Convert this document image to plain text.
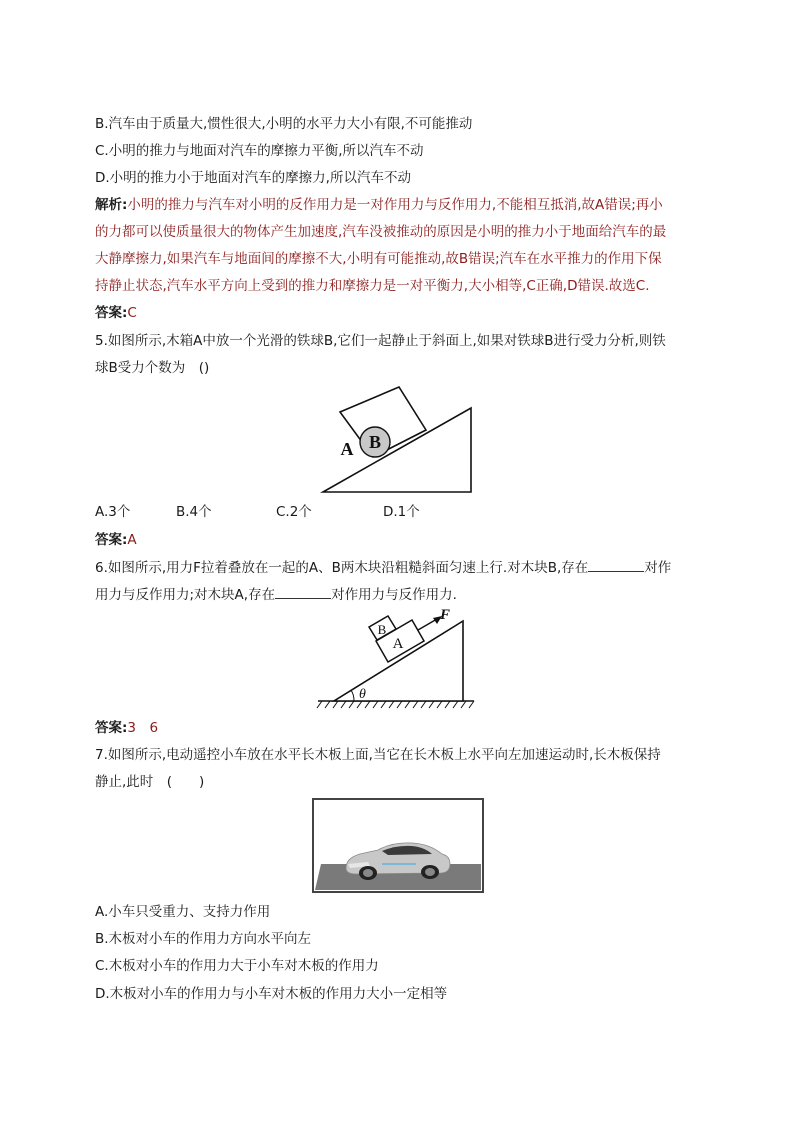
B.汽车由于质量大,惯性很大,小明的水平力大小有限,不可能推动
C.小明的推力与地面对汽车的摩擦力平衡,所以汽车不动
D.小明的推力小于地面对汽车的摩擦力,所以汽车不动
解析:小明的推力与汽车对小明的反作用力是一对作用力与反作用力,不能相互抵消,故A错误;再小
的力都可以使质量很大的物体产生加速度,汽车没被推动的原因是小明的推力小于地面给汽车的最
大静摩擦力,如果汽车与地面间的摩擦不大,小明有可能推动,故B错误;汽车在水平推力的作用下保
持静止状态,汽车水平方向上受到的推力和摩擦力是一对平衡力,大小相等,C正确,D错误.故选C.
答案:C
5.如图所示,木箱A中放一个光滑的铁球B,它们一起静止于斜面上,如果对铁球B进行受力分析,则铁
球B受力个数为　()
B
A
A.3个	B.4个	C.2个	D.1个
答案:A
6.如图所示,用力F拉着叠放在一起的A、B两木块沿粗糙斜面匀速上行.对木块B,存在	对作
用力与反作用力;对木块A,存在	对作用力与反作用力.
θ
A
B
F
答案:3　6
7.如图所示,电动遥控小车放在水平长木板上面,当它在长木板上水平向左加速运动时,长木板保持
静止,此时　(　　)
A.小车只受重力、支持力作用
B.木板对小车的作用力方向水平向左
C.木板对小车的作用力大于小车对木板的作用力
D.木板对小车的作用力与小车对木板的作用力大小一定相等
